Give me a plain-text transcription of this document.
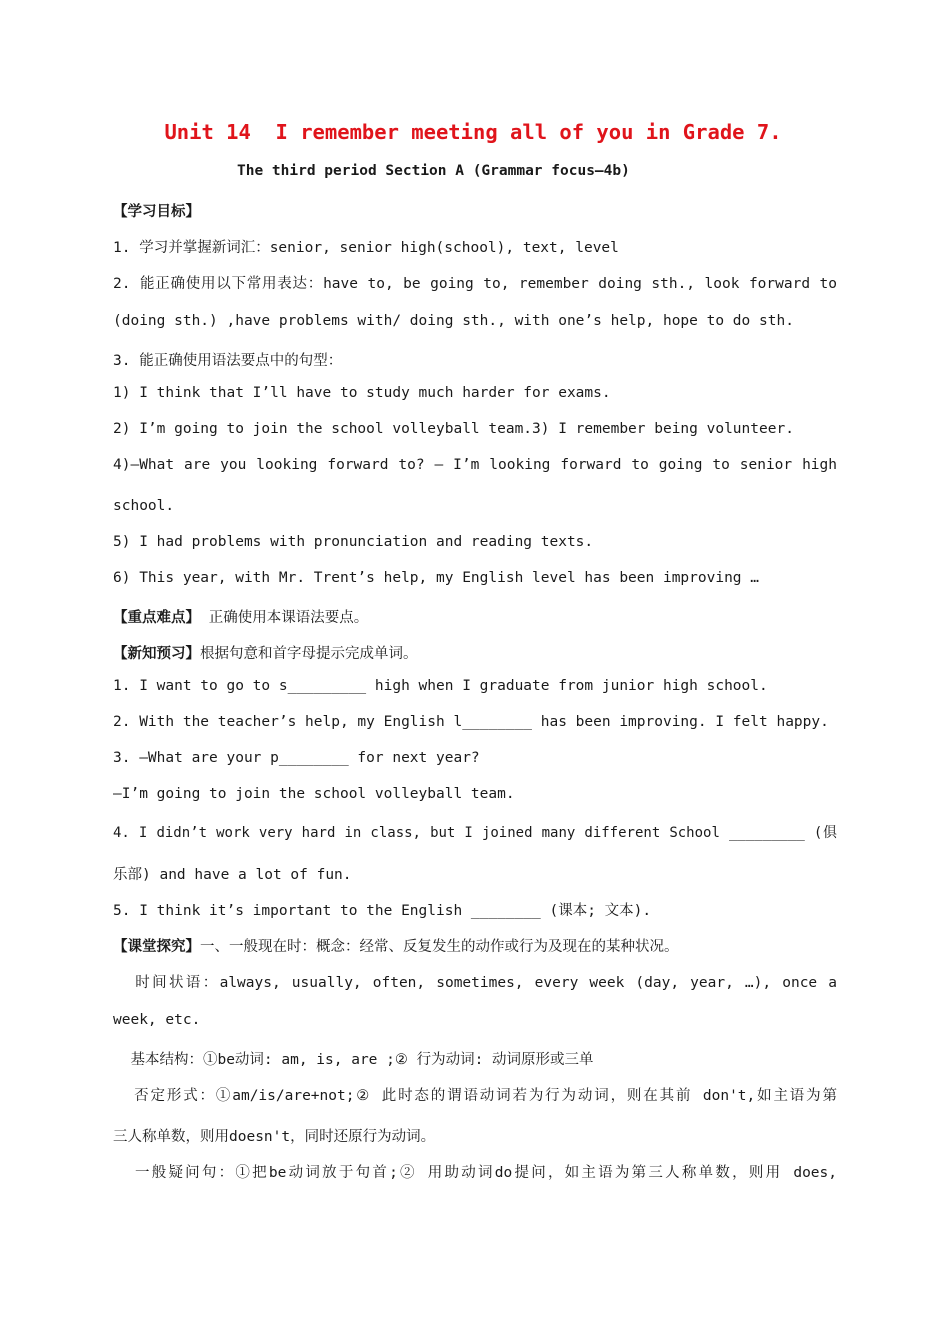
Unit 14  I remember meeting all of you in Grade 7.
The third period Section A (Grammar focus—4b)
【学习目标】
1. 学习并掌握新词汇：senior, senior high(school), text, level
2. 能正确使用以下常用表达：have to, be going to, remember doing sth., look forward to
(doing sth.) ,have problems with/ doing sth., with one’s help, hope to do sth.
3. 能正确使用语法要点中的句型：
1) I think that I’ll have to study much harder for exams.
2) I’m going to join the school volleyball team.3) I remember being volunteer.
4)—What are you looking forward to? — I’m looking forward to going to senior high
school.
5) I had problems with pronunciation and reading texts.
6) This year, with Mr. Trent’s help, my English level has been improving …
【重点难点】 正确使用本课语法要点。
【新知预习】根据句意和首字母提示完成单词。
1. I want to go to s_________ high when I graduate from junior high school.
2. With the teacher’s help, my English l________ has been improving. I felt happy.
3. —What are your p________ for next year?
—I’m going to join the school volleyball team.
4. I didn’t work very hard in class, but I joined many different School _________ (俱
乐部) and have a lot of fun.
5. I think it’s important to the English ________ (课本; 文本).
【课堂探究】一、一般现在时：概念：经常、反复发生的动作或行为及现在的某种状况。
时间状语：always, usually, often, sometimes, every week (day, year, …), once a
week, etc.
基本结构：①be动词: am, is, are ;② 行为动词: 动词原形或三单
否定形式：①am/is/are+not;② 此时态的谓语动词若为行为动词，则在其前 don't,如主语为第
三人称单数，则用doesn't，同时还原行为动词。
一般疑问句：①把be动词放于句首;② 用助动词do提问，如主语为第三人称单数，则用 does,
